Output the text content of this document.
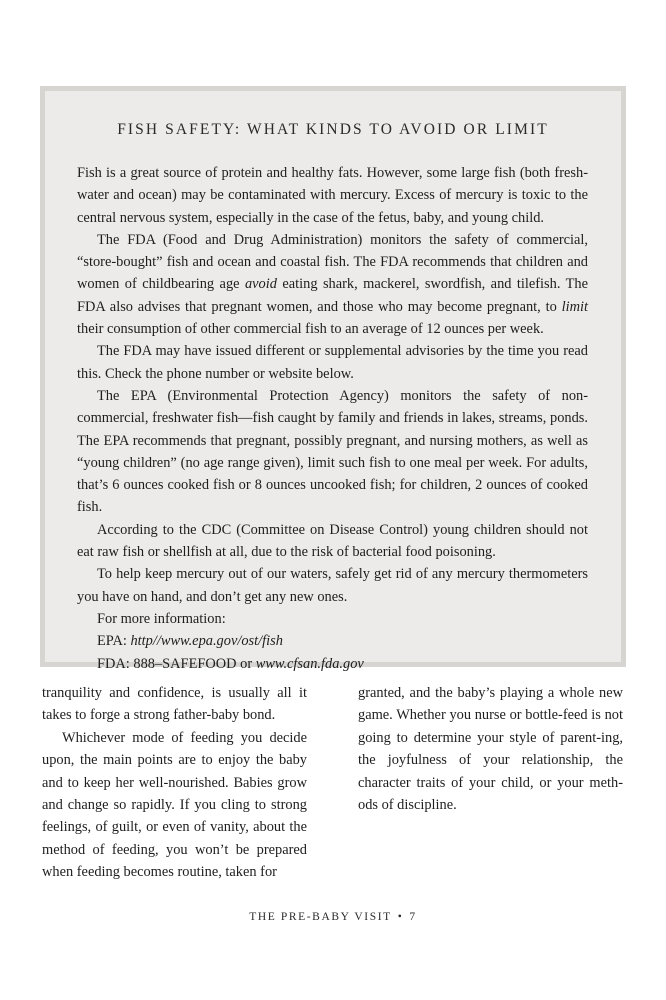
FISH SAFETY: WHAT KINDS TO AVOID OR LIMIT

Fish is a great source of protein and healthy fats. However, some large fish (both fresh-water and ocean) may be contaminated with mercury. Excess of mercury is toxic to the central nervous system, especially in the case of the fetus, baby, and young child.

The FDA (Food and Drug Administration) monitors the safety of commercial, “store-bought” fish and ocean and coastal fish. The FDA recommends that children and women of childbearing age avoid eating shark, mackerel, swordfish, and tilefish. The FDA also advises that pregnant women, and those who may become pregnant, to limit their consumption of other commercial fish to an average of 12 ounces per week.

The FDA may have issued different or supplemental advisories by the time you read this. Check the phone number or website below.

The EPA (Environmental Protection Agency) monitors the safety of non-commercial, freshwater fish—fish caught by family and friends in lakes, streams, ponds. The EPA recommends that pregnant, possibly pregnant, and nursing mothers, as well as “young children” (no age range given), limit such fish to one meal per week. For adults, that’s 6 ounces cooked fish or 8 ounces uncooked fish; for children, 2 ounces of cooked fish.

According to the CDC (Committee on Disease Control) young children should not eat raw fish or shellfish at all, due to the risk of bacterial food poisoning.

To help keep mercury out of our waters, safely get rid of any mercury thermometers you have on hand, and don’t get any new ones.

For more information:

EPA: http//www.epa.gov/ost/fish

FDA: 888–SAFEFOOD or www.cfsan.fda.gov

tranquility and confidence, is usually all it takes to forge a strong father-baby bond.

Whichever mode of feeding you decide upon, the main points are to enjoy the baby and to keep her well-nourished. Babies grow and change so rapidly. If you cling to strong feelings, of guilt, or even of vanity, about the method of feeding, you won’t be prepared when feeding becomes routine, taken for

granted, and the baby’s playing a whole new game. Whether you nurse or bottle-feed is not going to determine your style of parent-ing, the joyfulness of your relationship, the character traits of your child, or your meth-ods of discipline.

THE PRE-BABY VISIT • 7
